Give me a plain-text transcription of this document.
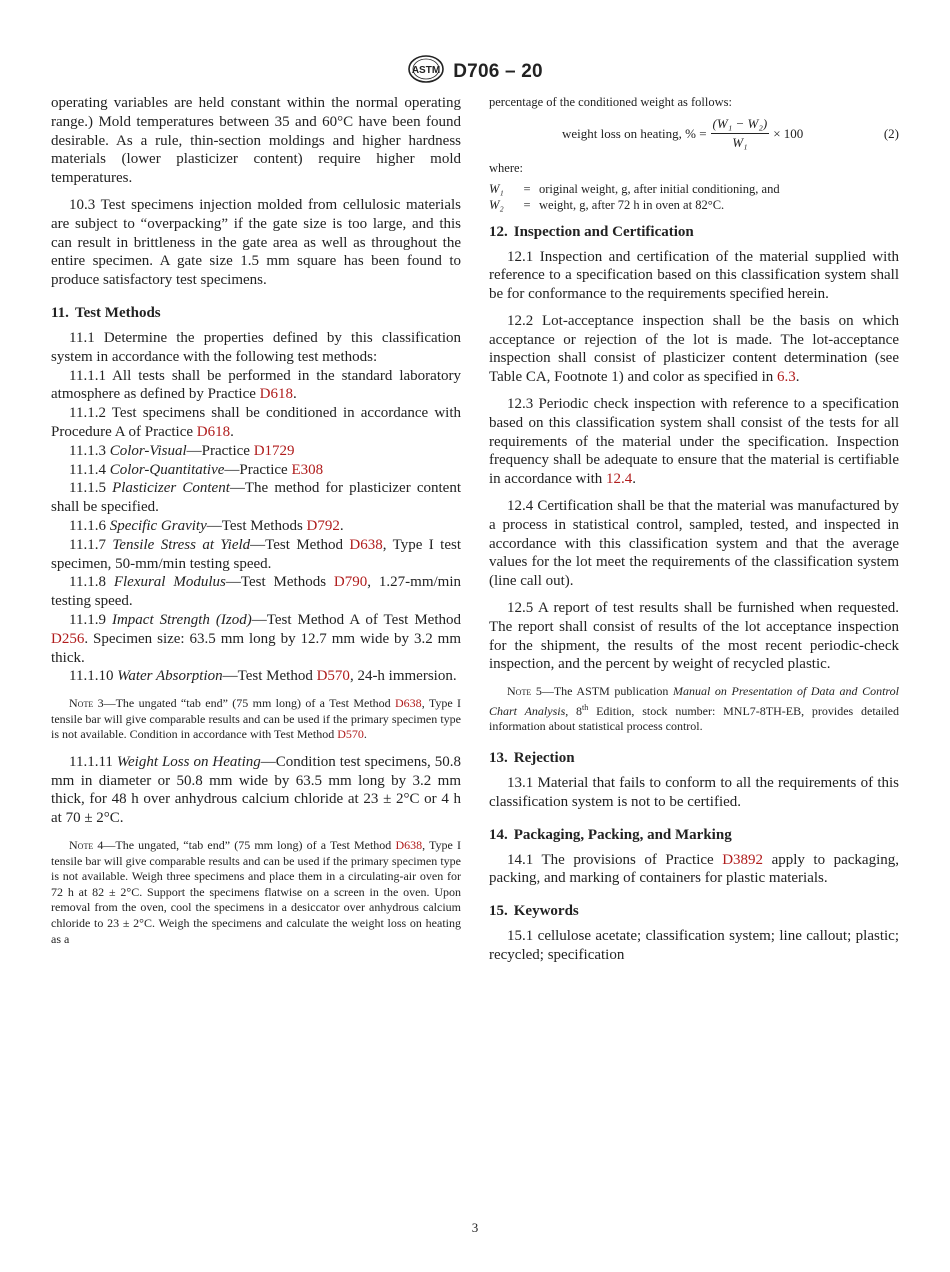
ASTM D706 – 20

operating variables are held constant within the normal operating range.) Mold temperatures between 35 and 60°C have been found desirable. As a rule, thin-section moldings and higher hardness materials (lower plasticizer content) require higher mold temperatures.

10.3 Test specimens injection molded from cellulosic materials are subject to “overpacking” if the gate size is too large, and this can result in brittleness in the gate area as well as throughout the entire specimen. A gate size 1.5 mm square has been found to produce satisfactory test specimens.

11. Test Methods

11.1 Determine the properties defined by this classification system in accordance with the following test methods:

11.1.1 All tests shall be performed in the standard laboratory atmosphere as defined by Practice D618.

11.1.2 Test specimens shall be conditioned in accordance with Procedure A of Practice D618.

11.1.3 Color-Visual—Practice D1729

11.1.4 Color-Quantitative—Practice E308

11.1.5 Plasticizer Content—The method for plasticizer content shall be specified.

11.1.6 Specific Gravity—Test Methods D792.

11.1.7 Tensile Stress at Yield—Test Method D638, Type I test specimen, 50-mm/min testing speed.

11.1.8 Flexural Modulus—Test Methods D790, 1.27-mm/min testing speed.

11.1.9 Impact Strength (Izod)—Test Method A of Test Method D256. Specimen size: 63.5 mm long by 12.7 mm wide by 3.2 mm thick.

11.1.10 Water Absorption—Test Method D570, 24-h immersion.

Note 3—The ungated “tab end” (75 mm long) of a Test Method D638, Type I tensile bar will give comparable results and can be used if the primary specimen type is not available. Condition in accordance with Test Method D570.

11.1.11 Weight Loss on Heating—Condition test specimens, 50.8 mm in diameter or 50.8 mm wide by 63.5 mm long by 3.2 mm thick, for 48 h over anhydrous calcium chloride at 23 ± 2°C or 4 h at 70 ± 2°C.

Note 4—The ungated, “tab end” (75 mm long) of a Test Method D638, Type I tensile bar will give comparable results and can be used if the primary specimen type is not available. Weigh three specimens and place them in a circulating-air oven for 72 h at 82 ± 2°C. Support the specimens flatwise on a screen in the oven. Upon removal from the oven, cool the specimens in a desiccator over anhydrous calcium chloride to 23 ± 2°C. Weigh the specimens and calculate the weight loss on heating as a

percentage of the conditioned weight as follows:

weight loss on heating, % = $\frac{\text{(W₁ − W₂)}}{\text{W₁}} \times 100$	(2)
where:
W₁	= original weight, g, after initial conditioning, and
W₂	= weight, g, after 72 h in oven at 82°C.
12. Inspection and Certification

12.1 Inspection and certification of the material supplied with reference to a specification based on this classification system shall be for conformance to the requirements specified herein.

12.2 Lot-acceptance inspection shall be the basis on which acceptance or rejection of the lot is made. The lot-acceptance inspection shall consist of plasticizer content determination (see Table CA, Footnote 1) and color as specified in 6.3.

12.3 Periodic check inspection with reference to a specification based on this classification system shall consist of the tests for all requirements of the material under the specification. Inspection frequency shall be adequate to ensure that the material is certifiable in accordance with 12.4.

12.4 Certification shall be that the material was manufactured by a process in statistical control, sampled, tested, and inspected in accordance with this classification system and that the average values for the lot meet the requirements of the classification system (line call out).

12.5 A report of test results shall be furnished when requested. The report shall consist of results of the lot acceptance inspection for the shipment, the results of the most recent periodic-check inspection, and the percent by weight of recycled plastic.

Note 5—The ASTM publication Manual on Presentation of Data and Control Chart Analysis, 8th Edition, stock number: MNL7-8TH-EB, provides detailed information about statistical process control.
13. Rejection

13.1 Material that fails to conform to all the requirements of this classification system is not to be certified.

14. Packaging, Packing, and Marking

14.1 The provisions of Practice D3892 apply to packaging, packing, and marking of containers for plastic materials.

15. Keywords

15.1 cellulose acetate; classification system; line callout; plastic; recycled; specification

3
